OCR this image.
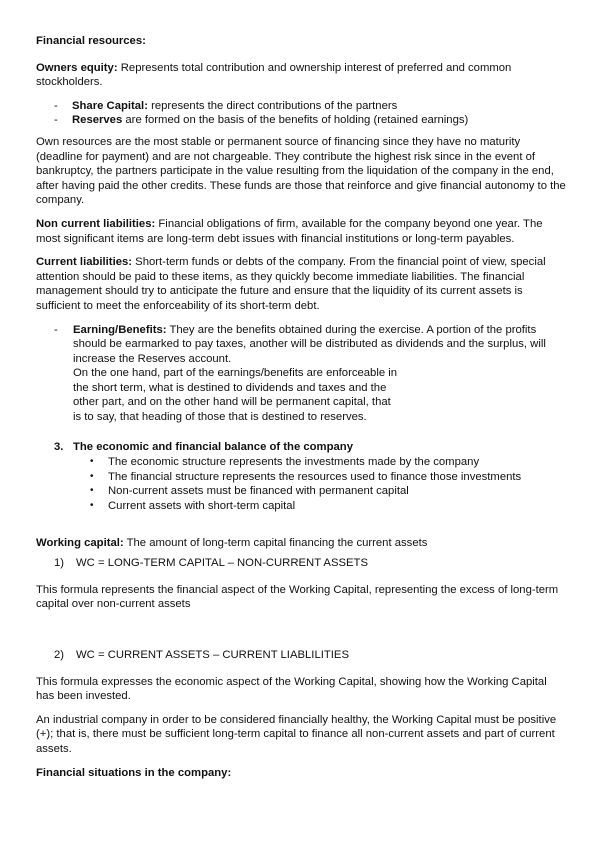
Financial resources:

Owners equity: Represents total contribution and ownership interest of preferred and common stockholders.

- Share Capital: represents the direct contributions of the partners
- Reserves are formed on the basis of the benefits of holding (retained earnings)

Own resources are the most stable or permanent source of financing since they have no maturity (deadline for payment) and are not chargeable. They contribute the highest risk since in the event of bankruptcy, the partners participate in the value resulting from the liquidation of the company in the end, after having paid the other credits. These funds are those that reinforce and give financial autonomy to the company.

Non current liabilities: Financial obligations of firm, available for the company beyond one year. The most significant items are long-term debt issues with financial institutions or long-term payables.

Current liabilities: Short-term funds or debts of the company. From the financial point of view, special attention should be paid to these items, as they quickly become immediate liabilities. The financial management should try to anticipate the future and ensure that the liquidity of its current assets is sufficient to meet the enforceability of its short-term debt.

- Earning/Benefits: They are the benefits obtained during the exercise. A portion of the profits should be earmarked to pay taxes, another will be distributed as dividends and the surplus, will increase the Reserves account.

On the one hand, part of the earnings/benefits are enforceable in
the short term, what is destined to dividends and taxes and the
other part, and on the other hand will be permanent capital, that
is to say, that heading of those that is destined to reserves.

3. The economic and financial balance of the company

• The economic structure represents the investments made by the company
• The financial structure represents the resources used to finance those investments
• Non-current assets must be financed with permanent capital
• Current assets with short-term capital

Working capital: The amount of long-term capital financing the current assets

1) WC = LONG-TERM CAPITAL – NON-CURRENT ASSETS

This formula represents the financial aspect of the Working Capital, representing the excess of long-term capital over non-current assets

2) WC = CURRENT ASSETS – CURRENT LIABLILITIES

This formula expresses the economic aspect of the Working Capital, showing how the Working Capital has been invested.

An industrial company in order to be considered financially healthy, the Working Capital must be positive (+); that is, there must be sufficient long-term capital to finance all non-current assets and part of current assets.

Financial situations in the company:
